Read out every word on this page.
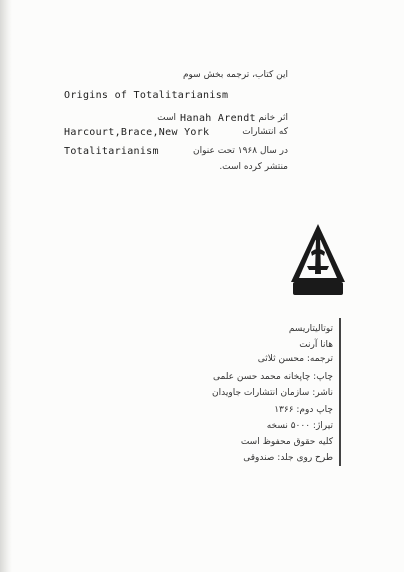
این کتاب، ترجمه بخش سوم
Origins of Totalitarianism
اثر خانم
Hanah Arendt
است
Harcourt,Brace,New York	که انتشارات
Totalitarianism	در سال ۱۹۶۸ تحت عنوان
منتشر کرده است.
توتالیتاریسم
هانا آرنت
ترجمه: محسن ثلاثی
چاپ: چاپخانه محمد حسن علمی
ناشر: سازمان انتشارات جاویدان
چاپ دوم: ۱۳۶۶
تیراژ: ۵۰۰۰ نسخه
کلیه حقوق محفوظ است
طرح روی جلد: صندوقی
